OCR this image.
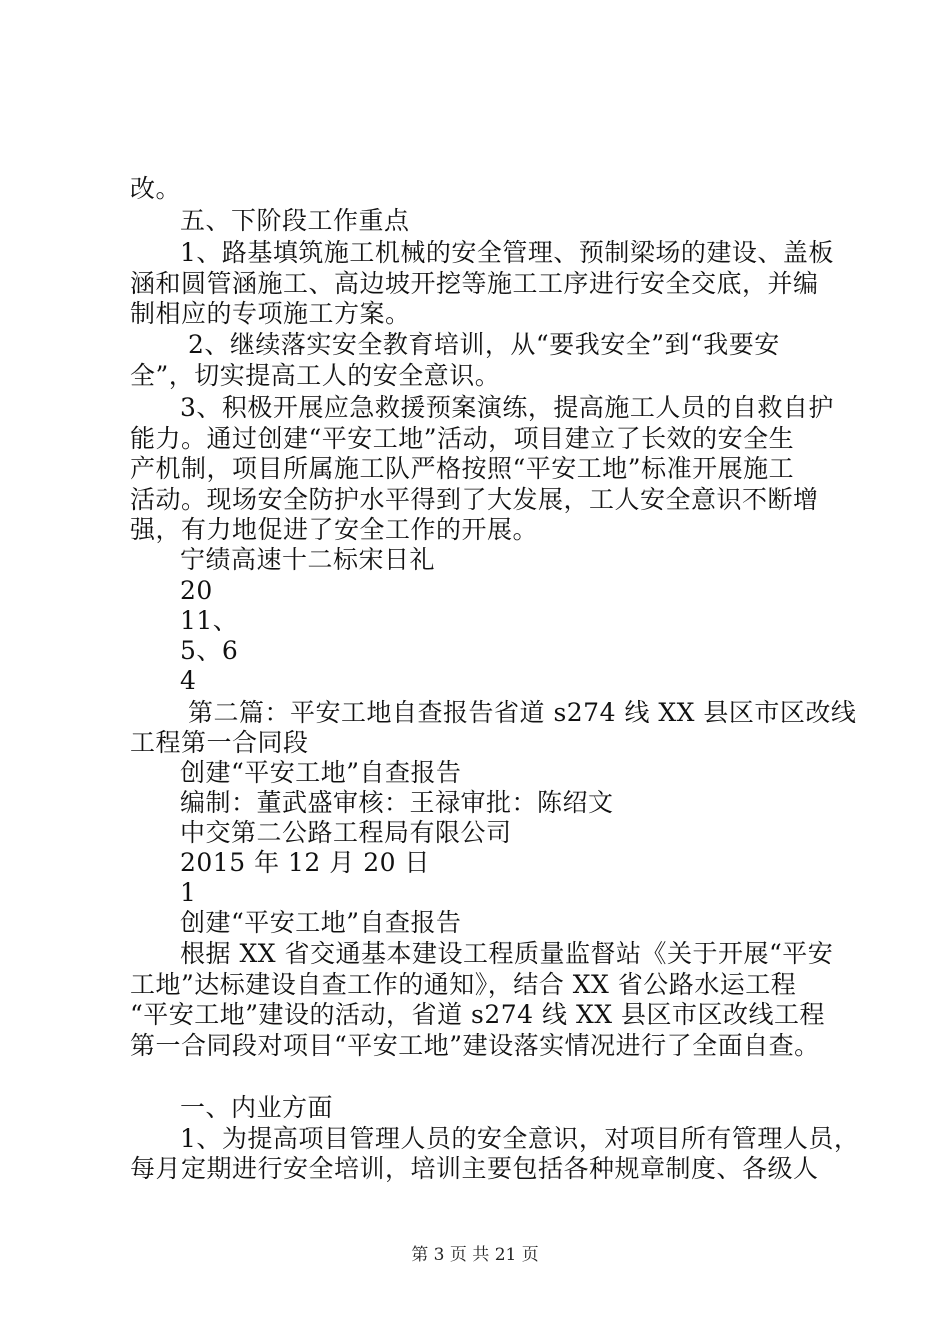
改。
五、下阶段工作重点
1、路基填筑施工机械的安全管理、预制梁场的建设、盖板
涵和圆管涵施工、高边坡开挖等施工工序进行安全交底，并编
制相应的专项施工方案。
2、继续落实安全教育培训，从“要我安全”到“我要安
全”，切实提高工人的安全意识。
3、积极开展应急救援预案演练，提高施工人员的自救自护
能力。通过创建“平安工地”活动，项目建立了长效的安全生
产机制，项目所属施工队严格按照“平安工地”标准开展施工
活动。现场安全防护水平得到了大发展，工人安全意识不断增
强，有力地促进了安全工作的开展。
宁绩高速十二标宋日礼
20
11、
5、6
4
第二篇：平安工地自查报告省道 s274 线 XX 县区市区改线
工程第一合同段
创建“平安工地”自查报告
编制：董武盛审核：王禄审批：陈绍文
中交第二公路工程局有限公司
2015 年 12 月 20 日
1
创建“平安工地”自查报告
根据 XX 省交通基本建设工程质量监督站《关于开展“平安
工地”达标建设自查工作的通知》，结合 XX 省公路水运工程
“平安工地”建设的活动，省道 s274 线 XX 县区市区改线工程
第一合同段对项目“平安工地”建设落实情况进行了全面自查。
一、内业方面
1、为提高项目管理人员的安全意识，对项目所有管理人员，
每月定期进行安全培训，培训主要包括各种规章制度、各级人
第 3 页 共 21 页
